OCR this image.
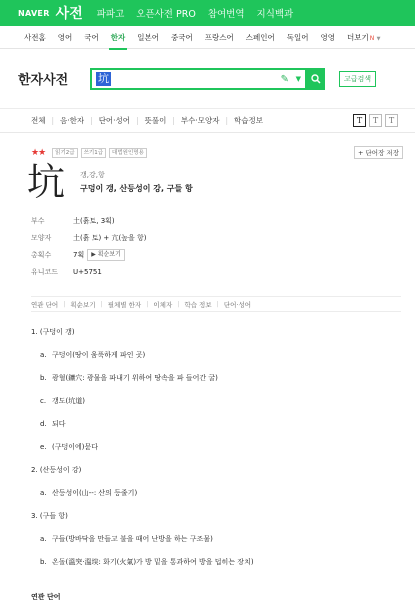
NAVER 사전 파파고 오픈사전 PRO 참여번역 지식백과
사전홈 영어 국어 한자 일본어 중국어 프랑스어 스페인어 독일어 영영 더보기N ▼
한자사전	坑	✎ ▼	고급검색
전체 | 음·한자 | 단어·성어 | 뜻풀이 | 부수·모양자 | 학습정보	T	T	T
★★	읽기2급	쓰기1급	대법원인명용	+ 단어장 저장
坑 갱,강,항
구덩이 갱, 산등성이 강, 구들 항
부수	土(흙토, 3획)
모양자	土(흙 토) + 亢(높을 항)
총획수	7획	▶ 획순보기
유니코드	U+5751
연관 단어 | 획순보기 | 필체별 한자 | 이체자 | 학습 정보 | 단어·성어
1. (구덩이 갱)
a. 구덩이(땅이 움푹하게 파인 곳)
b. 광혈(鑛穴: 광물을 파내기 위하여 땅속을 파 들어간 굴)
c. 갱도(坑道)
d. 되다
e. (구덩이에)묻다
2. (산등성이 강)
a. 산등성이(山--: 산의 등줄기)
3. (구들 항)
a. 구들(방바닥을 만들고 불을 때어 난방을 하는 구조물)
b. 온돌(溫突·溫堗: 화기(火氣)가 방 밑을 통과하여 방을 덥히는 장치)
연관 단어
